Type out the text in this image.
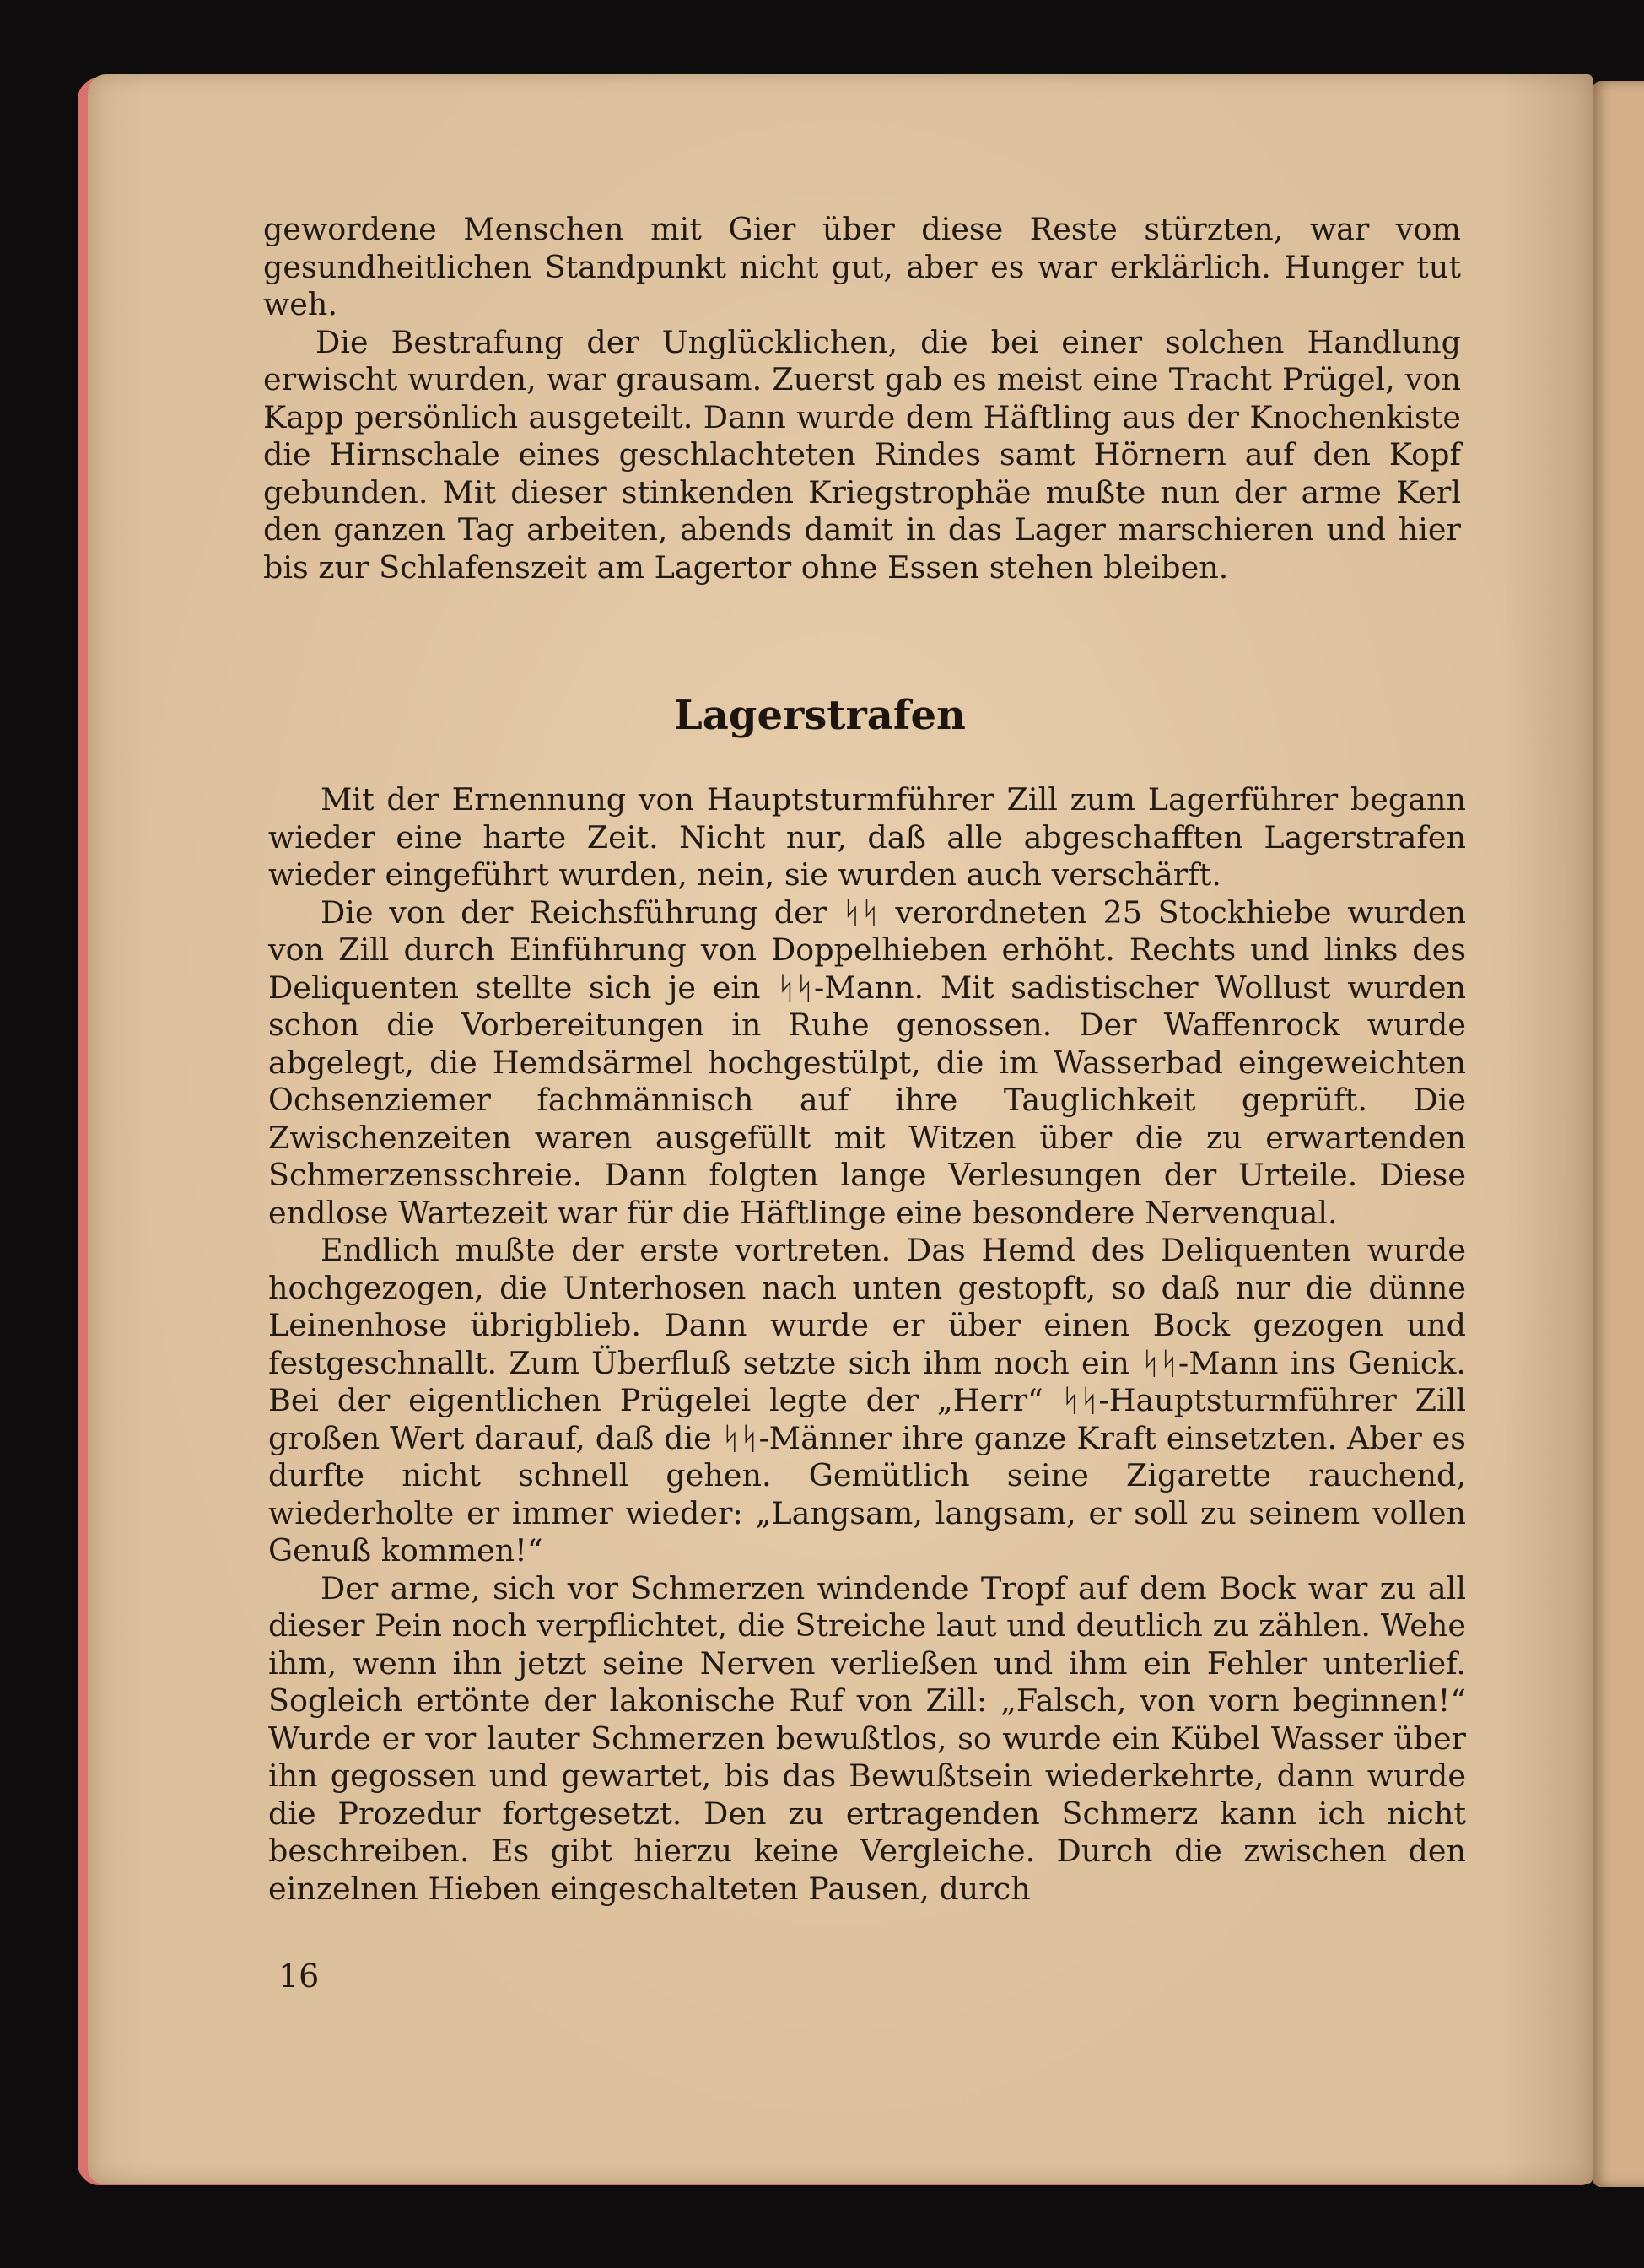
gewordene Menschen mit Gier über diese Reste stürzten, war vom gesundheitlichen Standpunkt nicht gut, aber es war erklärlich. Hunger tut weh.

Die Bestrafung der Unglücklichen, die bei einer solchen Handlung erwischt wurden, war grausam. Zuerst gab es meist eine Tracht Prügel, von Kapp persönlich ausgeteilt. Dann wurde dem Häftling aus der Knochenkiste die Hirnschale eines geschlachteten Rindes samt Hörnern auf den Kopf gebunden. Mit dieser stinkenden Kriegstrophäe mußte nun der arme Kerl den ganzen Tag arbeiten, abends damit in das Lager marschieren und hier bis zur Schlafenszeit am Lagertor ohne Essen stehen bleiben.

Lagerstrafen

Mit der Ernennung von Hauptsturmführer Zill zum Lagerführer begann wieder eine harte Zeit. Nicht nur, daß alle abgeschafften Lagerstrafen wieder eingeführt wurden, nein, sie wurden auch verschärft.

Die von der Reichsführung der ᛋᛋ verordneten 25 Stockhiebe wurden von Zill durch Einführung von Doppelhieben erhöht. Rechts und links des Deliquenten stellte sich je ein ᛋᛋ-Mann. Mit sadistischer Wollust wurden schon die Vorbereitungen in Ruhe genossen. Der Waffenrock wurde abgelegt, die Hemdsärmel hochgestülpt, die im Wasserbad eingeweichten Ochsenziemer fachmännisch auf ihre Tauglichkeit geprüft. Die Zwischenzeiten waren ausgefüllt mit Witzen über die zu erwartenden Schmerzensschreie. Dann folgten lange Verlesungen der Urteile. Diese endlose Wartezeit war für die Häftlinge eine besondere Nervenqual.

Endlich mußte der erste vortreten. Das Hemd des Deliquenten wurde hochgezogen, die Unterhosen nach unten gestopft, so daß nur die dünne Leinenhose übrigblieb. Dann wurde er über einen Bock gezogen und festgeschnallt. Zum Überfluß setzte sich ihm noch ein ᛋᛋ-Mann ins Genick. Bei der eigentlichen Prügelei legte der „Herr“ ᛋᛋ-Hauptsturmführer Zill großen Wert darauf, daß die ᛋᛋ-Männer ihre ganze Kraft einsetzten. Aber es durfte nicht schnell gehen. Gemütlich seine Zigarette rauchend, wiederholte er immer wieder: „Langsam, langsam, er soll zu seinem vollen Genuß kommen!“

Der arme, sich vor Schmerzen windende Tropf auf dem Bock war zu all dieser Pein noch verpflichtet, die Streiche laut und deutlich zu zählen. Wehe ihm, wenn ihn jetzt seine Nerven verließen und ihm ein Fehler unterlief. Sogleich ertönte der lakonische Ruf von Zill: „Falsch, von vorn beginnen!“ Wurde er vor lauter Schmerzen bewußtlos, so wurde ein Kübel Wasser über ihn gegossen und gewartet, bis das Bewußtsein wiederkehrte, dann wurde die Prozedur fortgesetzt. Den zu ertragenden Schmerz kann ich nicht beschreiben. Es gibt hierzu keine Vergleiche. Durch die zwischen den einzelnen Hieben eingeschalteten Pausen, durch

16
